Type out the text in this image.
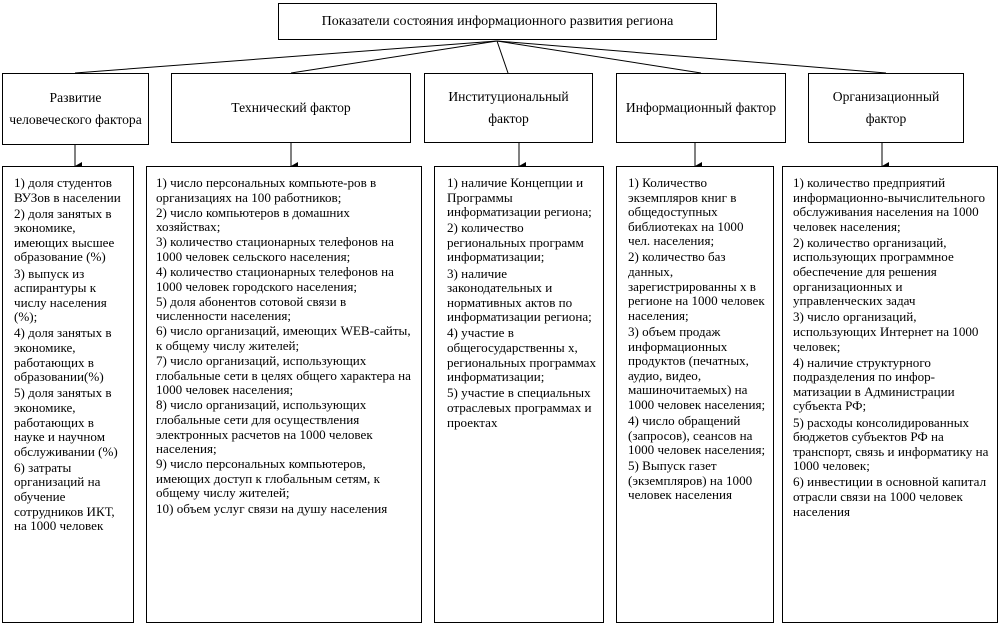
Показатели состояния информационного развития региона
Развитие человеческого фактора
Технический фактор
Институциональный фактор
Информационный фактор
Организационный фактор
1) доля студентов ВУЗов в населении
2) доля занятых в экономике, имеющих высшее образование (%)
3) выпуск из аспирантуры к числу населения (%);
4) доля занятых в экономике, работающих в образовании(%)
5) доля занятых в экономике, работающих в науке и научном обслуживании (%)
6) затраты организаций на обучение сотрудников ИКТ, на 1000 человек
1) число персональных компьюте-ров в организациях на 100 работников;
2) число компьютеров в домашних хозяйствах;
3) количество стационарных телефонов на 1000 человек сельского населения;
4) количество стационарных телефонов на 1000 человек городского населения;
5) доля абонентов сотовой связи в численности населения;
6) число организаций, имеющих WEB-сайты, к общему числу жителей;
7) число организаций, использующих глобальные сети в целях общего характера на 1000 человек населения;
8) число организаций, использующих глобальные сети для осуществления электронных расчетов на 1000 человек населения;
9) число персональных компьютеров, имеющих доступ к глобальным сетям, к общему числу жителей;
10) объем услуг связи на душу населения
1) наличие Концепции и Программы информатизации региона;
2) количество региональных программ информатизации;
3) наличие законодательных и нормативных актов по информатизации региона;
4) участие в общегосударственны х, региональных программах информатизации;
5) участие в специальных отраслевых программах и проектах
1) Количество экземпляров книг в общедоступных библиотеках на 1000 чел. населения;
2) количество баз данных, зарегистрированны х в регионе на 1000 человек населения;
3) объем продаж информационных продуктов (печатных, аудио, видео, машиночитаемых) на 1000 человек населения;
4) число обращений (запросов), сеансов на 1000 человек населения;
5) Выпуск газет (экземпляров) на 1000 человек населения
1) количество предприятий информационно-вычислительного обслуживания населения на 1000 человек населения;
2) количество организаций, использующих программное обеспечение для решения организационных и управленческих задач
3) число организаций, использующих Интернет на 1000 человек;
4) наличие структурного подразделения по инфор-матизации в Администрации субъекта РФ;
5) расходы консолидированных бюджетов субъектов РФ на транспорт, связь и информатику на 1000 человек;
6) инвестиции в основной капитал отрасли связи на 1000 человек населения
